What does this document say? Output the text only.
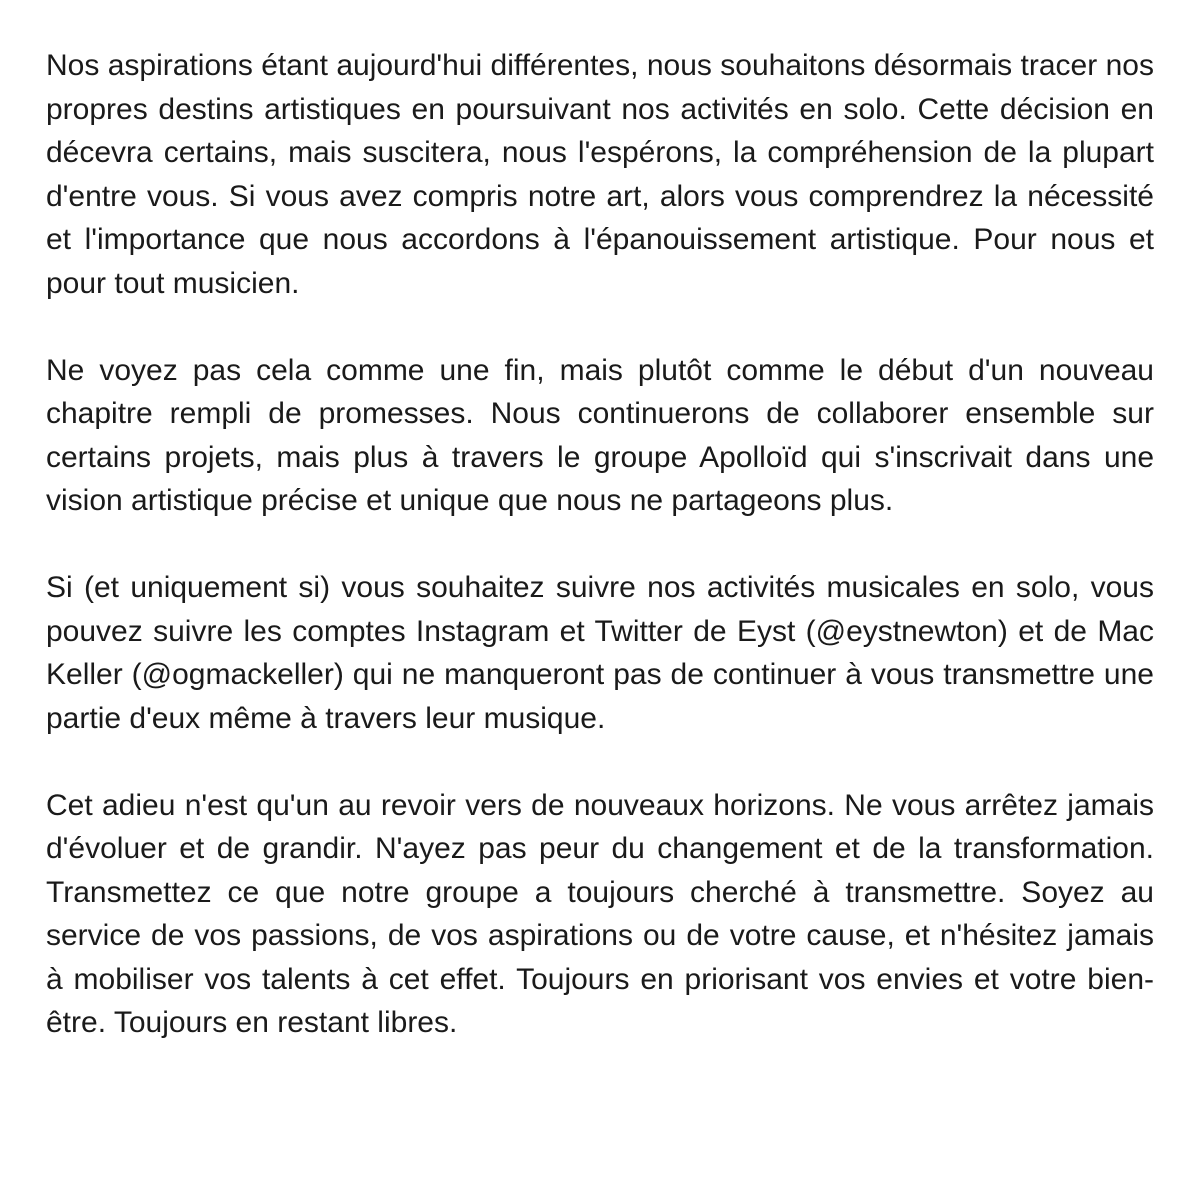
Nos aspirations étant aujourd'hui différentes, nous souhaitons désormais tracer nos propres destins artistiques en poursuivant nos activités en solo. Cette décision en décevra certains, mais suscitera, nous l'espérons, la compréhension de la plupart d'entre vous. Si vous avez compris notre art, alors vous comprendrez la nécessité et l'importance que nous accordons à l'épanouissement artistique. Pour nous et pour tout musicien.

Ne voyez pas cela comme une fin, mais plutôt comme le début d'un nouveau chapitre rempli de promesses. Nous continuerons de collaborer ensemble sur certains projets, mais plus à travers le groupe Apolloïd qui s'inscrivait dans une vision artistique précise et unique que nous ne partageons plus.

Si (et uniquement si) vous souhaitez suivre nos activités musicales en solo, vous pouvez suivre les comptes Instagram et Twitter de Eyst (@eystnewton) et de Mac Keller (@ogmackeller) qui ne manqueront pas de continuer à vous transmettre une partie d'eux même à travers leur musique.

Cet adieu n'est qu'un au revoir vers de nouveaux horizons. Ne vous arrêtez jamais d'évoluer et de grandir. N'ayez pas peur du changement et de la transformation. Transmettez ce que notre groupe a toujours cherché à transmettre. Soyez au service de vos passions, de vos aspirations ou de votre cause, et n'hésitez jamais à mobiliser vos talents à cet effet. Toujours en priorisant vos envies et votre bien-être. Toujours en restant libres.
